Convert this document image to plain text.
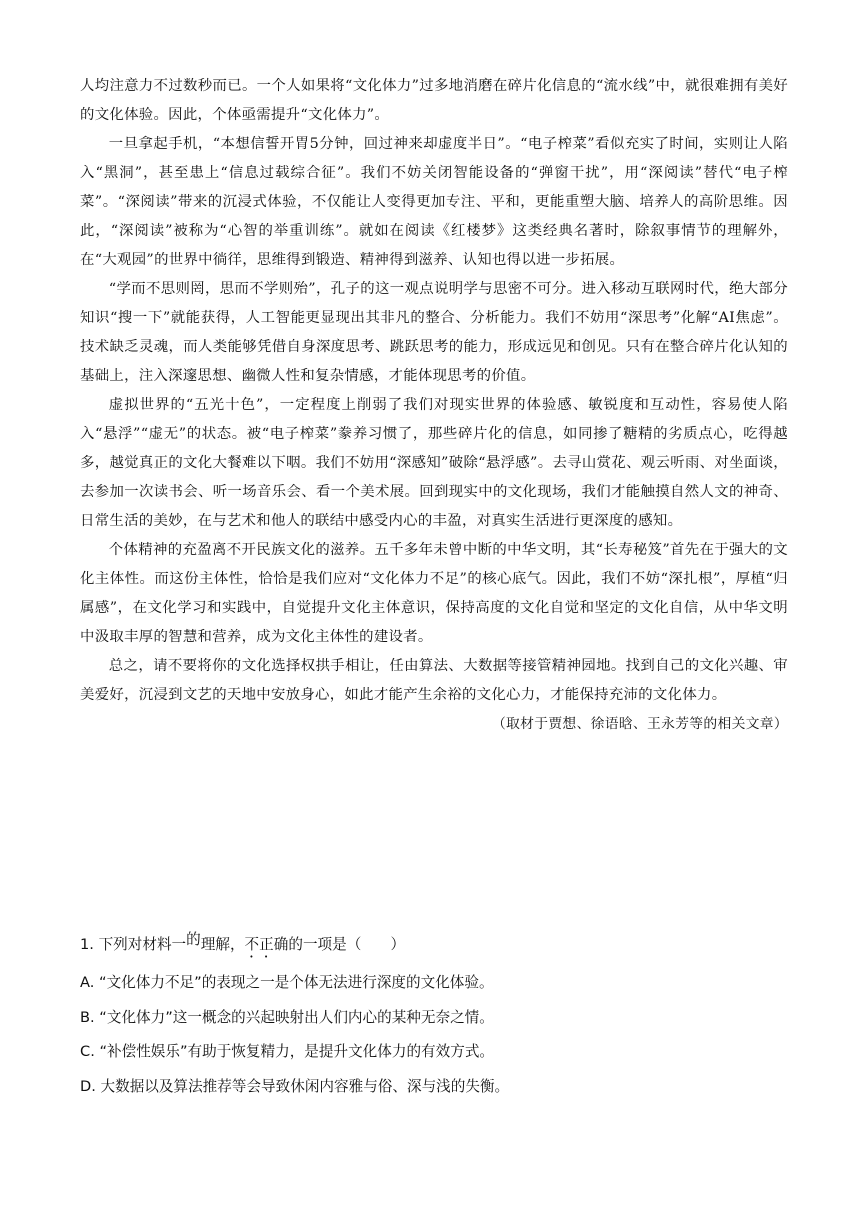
人均注意力不过数秒而已。一个人如果将“文化体力”过多地消磨在碎片化信息的“流水线”中，就很难拥有美好的文化体验。因此，个体亟需提升“文化体力”。

一旦拿起手机，“本想信誓开胃5分钟，回过神来却虚度半日”。“电子榨菜”看似充实了时间，实则让人陷入“黑洞”，甚至患上“信息过载综合征”。我们不妨关闭智能设备的“弹窗干扰”，用“深阅读”替代“电子榨菜”。“深阅读”带来的沉浸式体验，不仅能让人变得更加专注、平和，更能重塑大脑、培养人的高阶思维。因此，“深阅读”被称为“心智的举重训练”。就如在阅读《红楼梦》这类经典名著时，除叙事情节的理解外，在“大观园”的世界中徜徉，思维得到锻造、精神得到滋养、认知也得以进一步拓展。

“学而不思则罔，思而不学则殆”，孔子的这一观点说明学与思密不可分。进入移动互联网时代，绝大部分知识“搜一下”就能获得，人工智能更显现出其非凡的整合、分析能力。我们不妨用“深思考”化解“AI焦虑”。技术缺乏灵魂，而人类能够凭借自身深度思考、跳跃思考的能力，形成远见和创见。只有在整合碎片化认知的基础上，注入深邃思想、幽微人性和复杂情感，才能体现思考的价值。

虚拟世界的“五光十色”，一定程度上削弱了我们对现实世界的体验感、敏锐度和互动性，容易使人陷入“悬浮”“虚无”的状态。被“电子榨菜”豢养习惯了，那些碎片化的信息，如同掺了糖精的劣质点心，吃得越多，越觉真正的文化大餐难以下咽。我们不妨用“深感知”破除“悬浮感”。去寻山赏花、观云听雨、对坐面谈，去参加一次读书会、听一场音乐会、看一个美术展。回到现实中的文化现场，我们才能触摸自然人文的神奇、日常生活的美妙，在与艺术和他人的联结中感受内心的丰盈，对真实生活进行更深度的感知。

个体精神的充盈离不开民族文化的滋养。五千多年未曾中断的中华文明，其“长寿秘笈”首先在于强大的文化主体性。而这份主体性，恰恰是我们应对“文化体力不足”的核心底气。因此，我们不妨“深扎根”，厚植“归属感”，在文化学习和实践中，自觉提升文化主体意识，保持高度的文化自觉和坚定的文化自信，从中华文明中汲取丰厚的智慧和营养，成为文化主体性的建设者。

总之，请不要将你的文化选择权拱手相让，任由算法、大数据等接管精神园地。找到自己的文化兴趣、审美爱好，沉浸到文艺的天地中安放身心，如此才能产生余裕的文化心力，才能保持充沛的文化体力。

（取材于贾想、徐语晗、王永芳等的相关文章）

1. 下列对材料一的理解，不正确的一项是（　　）
A. “文化体力不足”的表现之一是个体无法进行深度的文化体验。
B. “文化体力”这一概念的兴起映射出人们内心的某种无奈之情。
C. “补偿性娱乐”有助于恢复精力，是提升文化体力的有效方式。
D. 大数据以及算法推荐等会导致休闲内容雅与俗、深与浅的失衡。
